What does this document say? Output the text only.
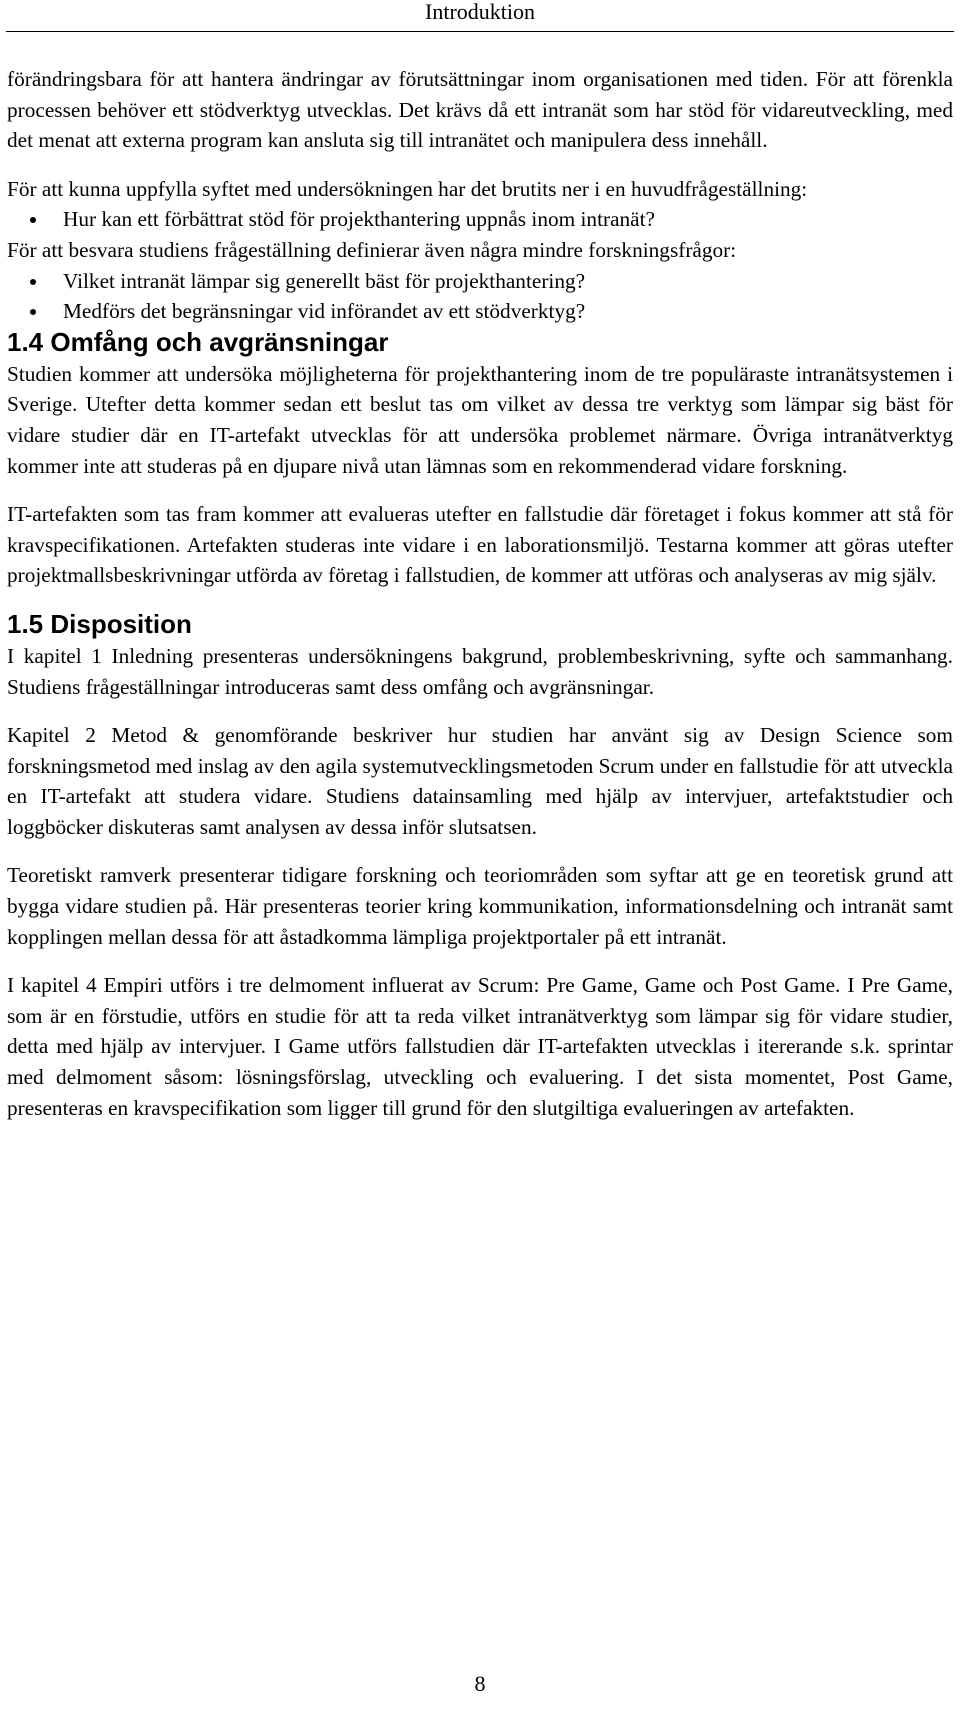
Introduktion

förändringsbara för att hantera ändringar av förutsättningar inom organisationen med tiden. För att förenkla processen behöver ett stödverktyg utvecklas. Det krävs då ett intranät som har stöd för vidareutveckling, med det menat att externa program kan ansluta sig till intranätet och manipulera dess innehåll.

För att kunna uppfylla syftet med undersökningen har det brutits ner i en huvudfrågeställning:

Hur kan ett förbättrat stöd för projekthantering uppnås inom intranät?

För att besvara studiens frågeställning definierar även några mindre forskningsfrågor:

Vilket intranät lämpar sig generellt bäst för projekthantering?
Medförs det begränsningar vid införandet av ett stödverktyg?
1.4 Omfång och avgränsningar

Studien kommer att undersöka möjligheterna för projekthantering inom de tre populäraste intranätsystemen i Sverige. Utefter detta kommer sedan ett beslut tas om vilket av dessa tre verktyg som lämpar sig bäst för vidare studier där en IT-artefakt utvecklas för att undersöka problemet närmare. Övriga intranätverktyg kommer inte att studeras på en djupare nivå utan lämnas som en rekommenderad vidare forskning.

IT-artefakten som tas fram kommer att evalueras utefter en fallstudie där företaget i fokus kommer att stå för kravspecifikationen. Artefakten studeras inte vidare i en laborationsmiljö. Testarna kommer att göras utefter projektmallsbeskrivningar utförda av företag i fallstudien, de kommer att utföras och analyseras av mig själv.

1.5 Disposition

I kapitel 1 Inledning presenteras undersökningens bakgrund, problembeskrivning, syfte och sammanhang. Studiens frågeställningar introduceras samt dess omfång och avgränsningar.

Kapitel 2 Metod & genomförande beskriver hur studien har använt sig av Design Science som forskningsmetod med inslag av den agila systemutvecklingsmetoden Scrum under en fallstudie för att utveckla en IT-artefakt att studera vidare. Studiens datainsamling med hjälp av intervjuer, artefaktstudier och loggböcker diskuteras samt analysen av dessa inför slutsatsen.

Teoretiskt ramverk presenterar tidigare forskning och teoriområden som syftar att ge en teoretisk grund att bygga vidare studien på. Här presenteras teorier kring kommunikation, informationsdelning och intranät samt kopplingen mellan dessa för att åstadkomma lämpliga projektportaler på ett intranät.

I kapitel 4 Empiri utförs i tre delmoment influerat av Scrum: Pre Game, Game och Post Game. I Pre Game, som är en förstudie, utförs en studie för att ta reda vilket intranätverktyg som lämpar sig för vidare studier, detta med hjälp av intervjuer. I Game utförs fallstudien där IT-artefakten utvecklas i itererande s.k. sprintar med delmoment såsom: lösningsförslag, utveckling och evaluering. I det sista momentet, Post Game, presenteras en kravspecifikation som ligger till grund för den slutgiltiga evalueringen av artefakten.

8
